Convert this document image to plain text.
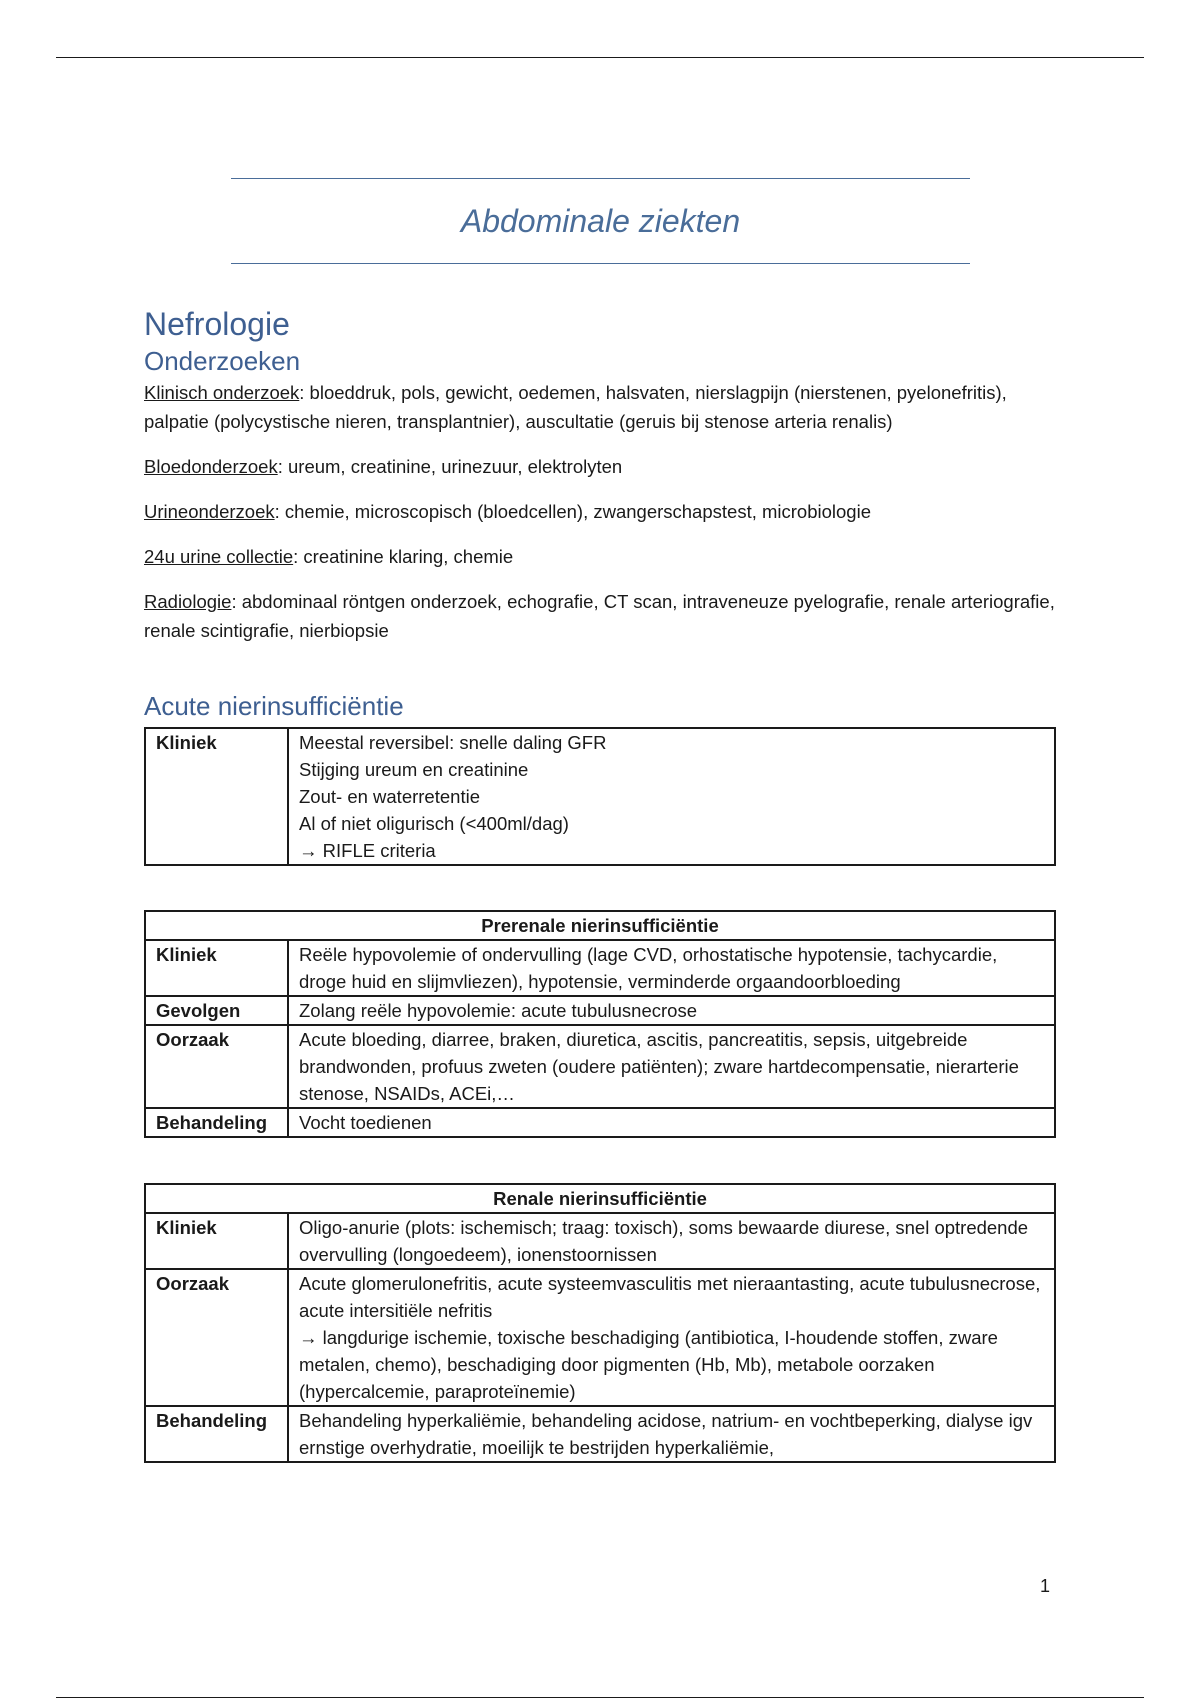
Abdominale ziekten
Nefrologie
Onderzoeken

Klinisch onderzoek: bloeddruk, pols, gewicht, oedemen, halsvaten, nierslagpijn (nierstenen, pyelonefritis), palpatie (polycystische nieren, transplantnier), auscultatie (geruis bij stenose arteria renalis)

Bloedonderzoek: ureum, creatinine, urinezuur, elektrolyten

Urineonderzoek: chemie, microscopisch (bloedcellen), zwangerschapstest, microbiologie

24u urine collectie: creatinine klaring, chemie

Radiologie: abdominaal röntgen onderzoek, echografie, CT scan, intraveneuze pyelografie, renale arteriografie, renale scintigrafie, nierbiopsie

Acute nierinsufficiëntie
Kliniek	Meestal reversibel: snelle daling GFR
Stijging ureum en creatinine
Zout- en waterretentie
Al of niet oligurisch (<400ml/dag)
→ RIFLE criteria
Prerenale nierinsufficiëntie	
Kliniek	Reële hypovolemie of ondervulling (lage CVD, orhostatische hypotensie, tachycardie, droge huid en slijmvliezen), hypotensie, verminderde orgaandoorbloeding
Gevolgen	Zolang reële hypovolemie: acute tubulusnecrose
Oorzaak	Acute bloeding, diarree, braken, diuretica, ascitis, pancreatitis, sepsis, uitgebreide brandwonden, profuus zweten (oudere patiënten); zware hartdecompensatie, nierarterie stenose, NSAIDs, ACEi,…
Behandeling	Vocht toedienen
Renale nierinsufficiëntie	
Kliniek	Oligo-anurie (plots: ischemisch; traag: toxisch), soms bewaarde diurese, snel optredende overvulling (longoedeem), ionenstoornissen
Oorzaak	Acute glomerulonefritis, acute systeemvasculitis met nieraantasting, acute tubulusnecrose, acute intersitiële nefritis
→ langdurige ischemie, toxische beschadiging (antibiotica, I-houdende stoffen, zware metalen, chemo), beschadiging door pigmenten (Hb, Mb), metabole oorzaken (hypercalcemie, paraproteïnemie)

Behandeling	Behandeling hyperkaliëmie, behandeling acidose, natrium- en vochtbeperking, dialyse igv ernstige overhydratie, moeilijk te bestrijden hyperkaliëmie,
1
